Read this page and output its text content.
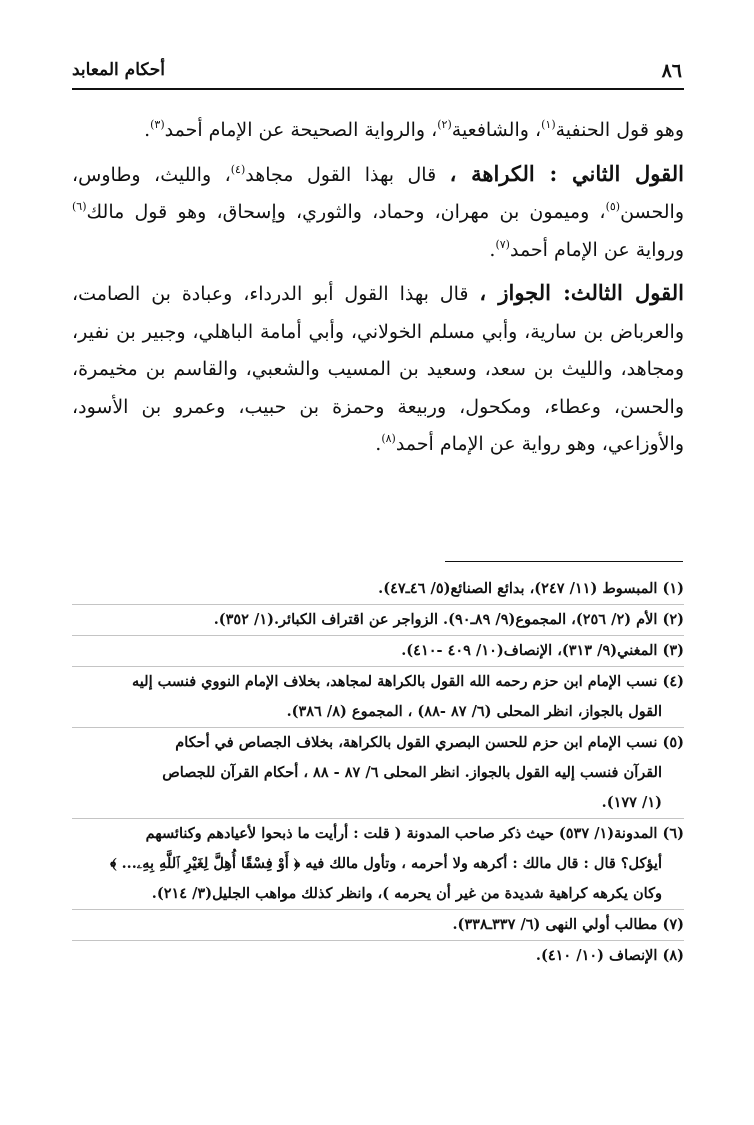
٨٦
أحكام المعابد

وهو قول الحنفية$^{(١)}$، والشافعية$^{(٢)}$، والرواية الصحيحة عن الإمام أحمد$^{(٣)}$.

القول الثاني : الكراهة ، قال بهذا القول مجاهد$^{(٤)}$، والليث، وطاوس، والحسن$^{(٥)}$، وميمون بن مهران، وحماد، والثوري، وإسحاق، وهو قول مالك$^{(٦)}$ ورواية عن الإمام أحمد$^{(٧)}$.

القول الثالث: الجواز ، قال بهذا القول أبو الدرداء، وعبادة بن الصامت، والعرباض بن سارية، وأبي مسلم الخولاني، وأبي أمامة الباهلي، وجبير بن نفير، ومجاهد، والليث بن سعد، وسعيد بن المسيب والشعبي، والقاسم بن مخيمرة، والحسن، وعطاء، ومكحول، وربيعة وحمزة بن حبيب، وعمرو بن الأسود، والأوزاعي، وهو رواية عن الإمام أحمد$^{(٨)}$.

(١) المبسوط (١١/ ٢٤٧)، بدائع الصنائع(٥/ ٤٦ـ٤٧).

(٢) الأم (٢/ ٢٥٦)، المجموع(٩/ ٨٩ـ٩٠). الزواجر عن اقتراف الكبائر.(١/ ٣٥٢).

(٣) المغني(٩/ ٣١٣)، الإنصاف(١٠/ ٤٠٩ -٤١٠).

(٤) نسب الإمام ابن حزم رحمه الله القول بالكراهة لمجاهد، بخلاف الإمام النووي فنسب إليه
القول بالجواز، انظر المحلى (٦/ ٨٧ -٨٨) ، المجموع (٨/ ٣٨٦).

(٥) نسب الإمام ابن حزم للحسن البصري القول بالكراهة، بخلاف الجصاص في أحكام
القرآن فنسب إليه القول بالجواز. انظر المحلى ٦/ ٨٧ - ٨٨ ، أحكام القرآن للجصاص
(١/ ١٧٧).

(٦) المدونة(١/ ٥٣٧) حيث ذكر صاحب المدونة ( قلت : أرأيت ما ذبحوا لأعيادهم وكنائسهم
أيؤكل؟ قال : قال مالك : أكرهه ولا أحرمه ، وتأول مالك فيه ﴿ أَوْ فِسْقًا أُهِلَّ لِغَيْرِ ٱللَّهِ بِهِۦ... ﴾
وكان يكرهه كراهية شديدة من غير أن يحرمه )، وانظر كذلك مواهب الجليل(٣/ ٢١٤).

(٧) مطالب أولي النهى (٦/ ٣٣٧ـ٣٣٨).

(٨) الإنصاف (١٠/ ٤١٠).
